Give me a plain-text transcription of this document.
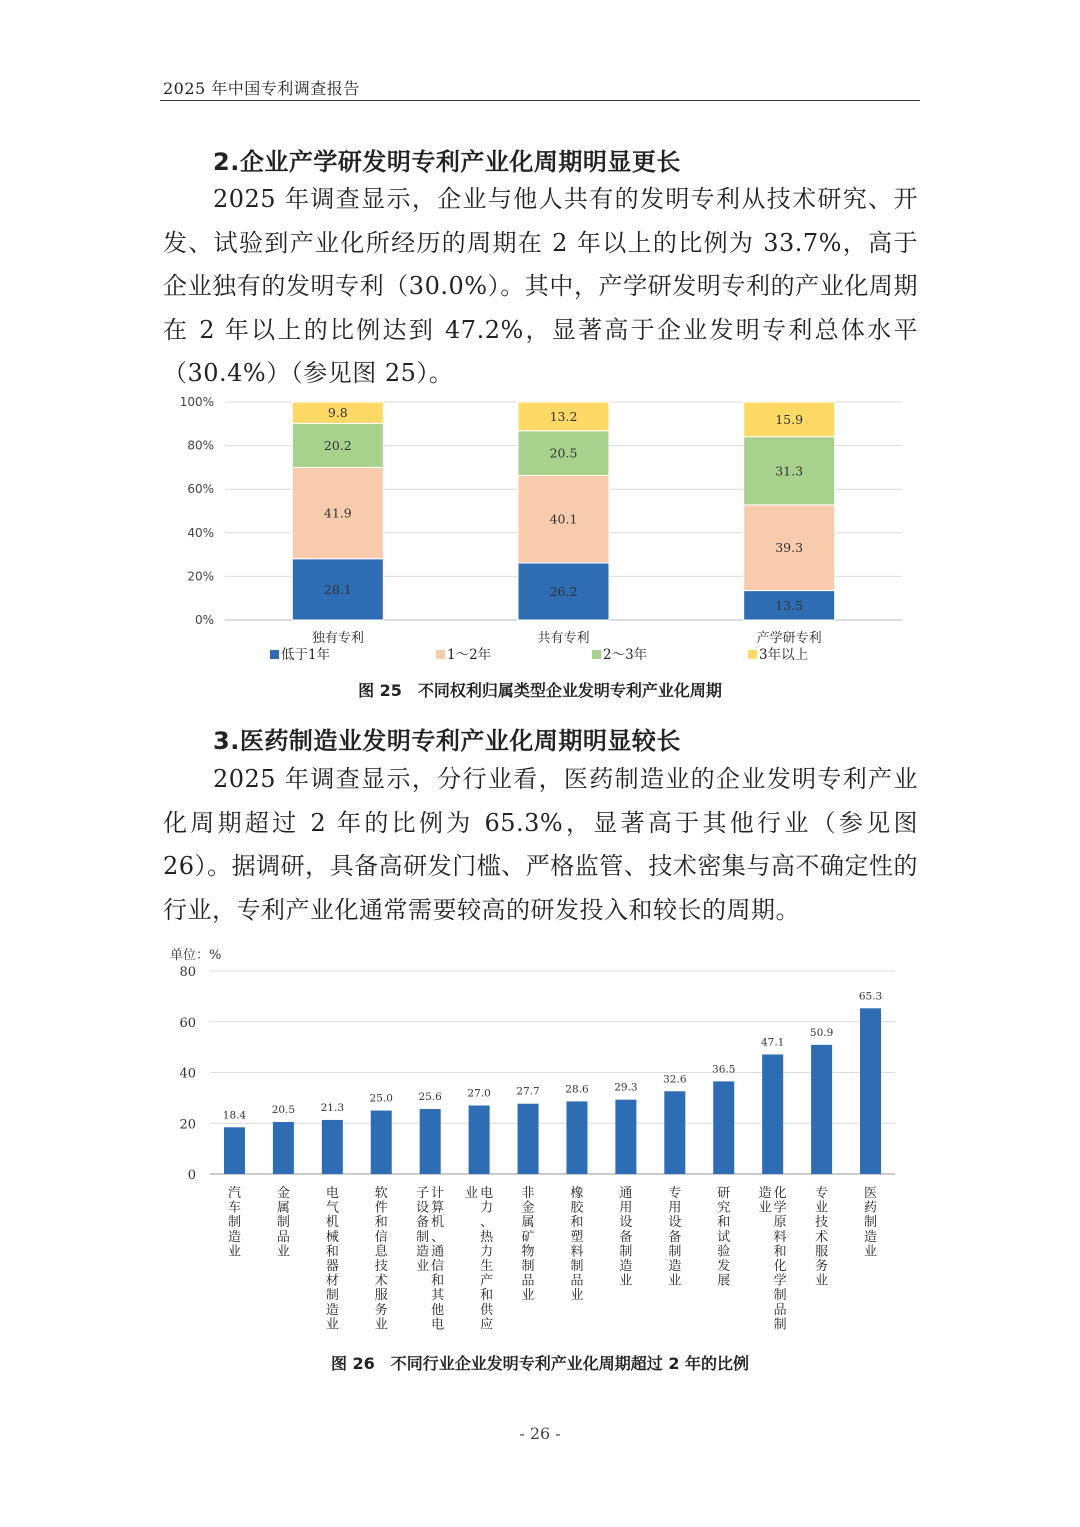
2025 年中国专利调查报告
2.企业产学研发明专利产业化周期明显更长
2025 年调查显示，企业与他人共有的发明专利从技术研究、开发、试验到产业化所经历的周期在 2 年以上的比例为 33.7%，高于企业独有的发明专利（30.0%）。其中，产学研发明专利的产业化周期在 2 年以上的比例达到 47.2%，显著高于企业发明专利总体水平（30.4%）（参见图 25）。
0%
20%
40%
60%
80%
100%
28.1
41.9
20.2
9.8
独有专利
26.2
40.1
20.5
13.2
共有专利
13.5
39.3
31.3
15.9
产学研专利
低于1年	1～2年	2～3年	3年以上
图 25　不同权利归属类型企业发明专利产业化周期
3.医药制造业发明专利产业化周期明显较长
2025 年调查显示，分行业看，医药制造业的企业发明专利产业化周期超过 2 年的比例为 65.3%，显著高于其他行业（参见图 26）。据调研，具备高研发门槛、严格监管、技术密集与高不确定性的行业，专利产业化通常需要较高的研发投入和较长的周期。
单位：%
0
20
40
60
80
18.4
汽
车
制
造
业
20.5
金
属
制
品
业
21.3
电
气
机
械
和
器
材
制
造
业
25.0
软
件
和
信
息
技
术
服
务
业
25.6
计
算
机
、
通
信
和
其
他
电
子
设
备
制
造
业
27.0
电
力
、
热
力
生
产
和
供
应
业
27.7
非
金
属
矿
物
制
品
业
28.6
橡
胶
和
塑
料
制
品
业
29.3
通
用
设
备
制
造
业
32.6
专
用
设
备
制
造
业
36.5
研
究
和
试
验
发
展
47.1
化
学
原
料
和
化
学
制
品
制
造
业
50.9
专
业
技
术
服
务
业
65.3
医
药
制
造
业
图 26　不同行业企业发明专利产业化周期超过 2 年的比例
- 26 -
